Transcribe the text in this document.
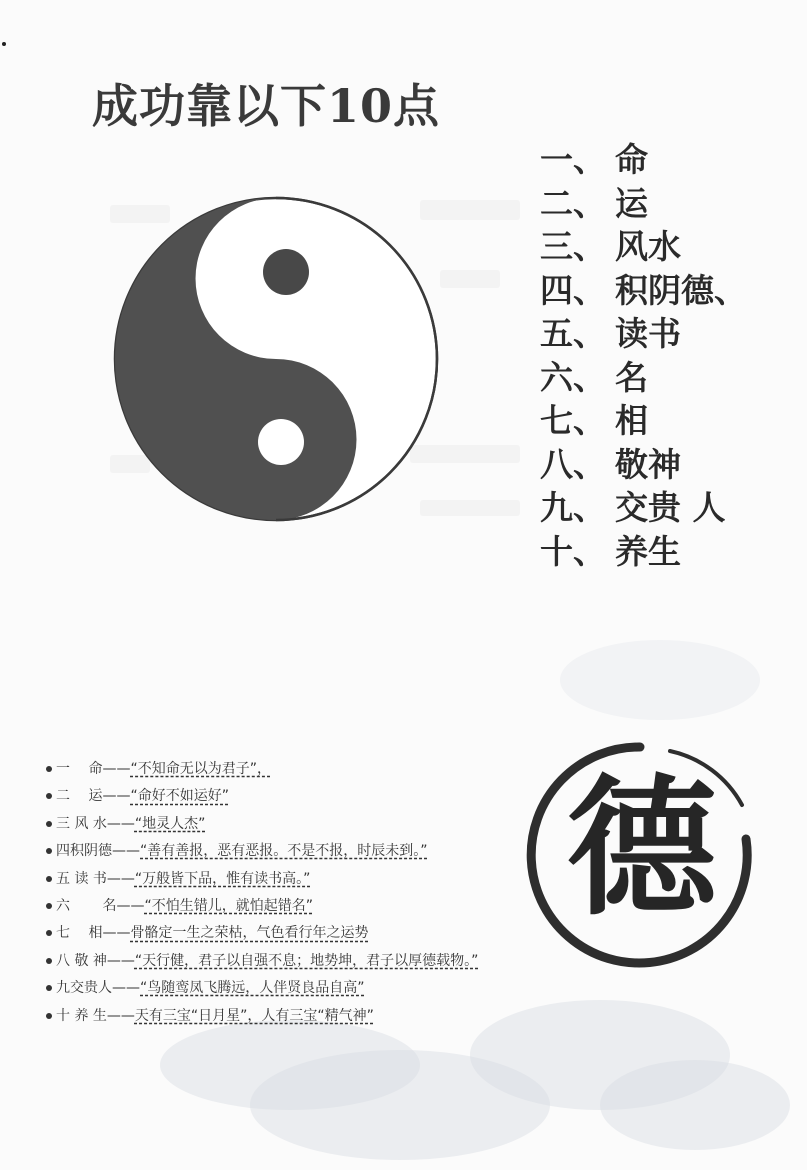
成功靠以下10点
一、 命
二、 运
三、 风水
四、 积阴德、
五、 读书
六、 名
七、 相
八、 敬神
九、 交贵 人
十、 养生
德
一　 命——“不知命无以为君子”，
二　 运——“命好不如运好”
三 风 水——“地灵人杰”
四积阴德——“善有善报，恶有恶报。不是不报，时辰未到。”
五 读 书——“万般皆下品，惟有读书高。”
六　　 名——“不怕生错儿，就怕起错名”
七　 相——骨骼定一生之荣枯，气色看行年之运势
八 敬 神——“天行健，君子以自强不息；地势坤，君子以厚德载物。”
九交贵人——“鸟随鸾凤飞腾远，人伴贤良品自高”
十 养 生——天有三宝“日月星”，人有三宝“精气神”
